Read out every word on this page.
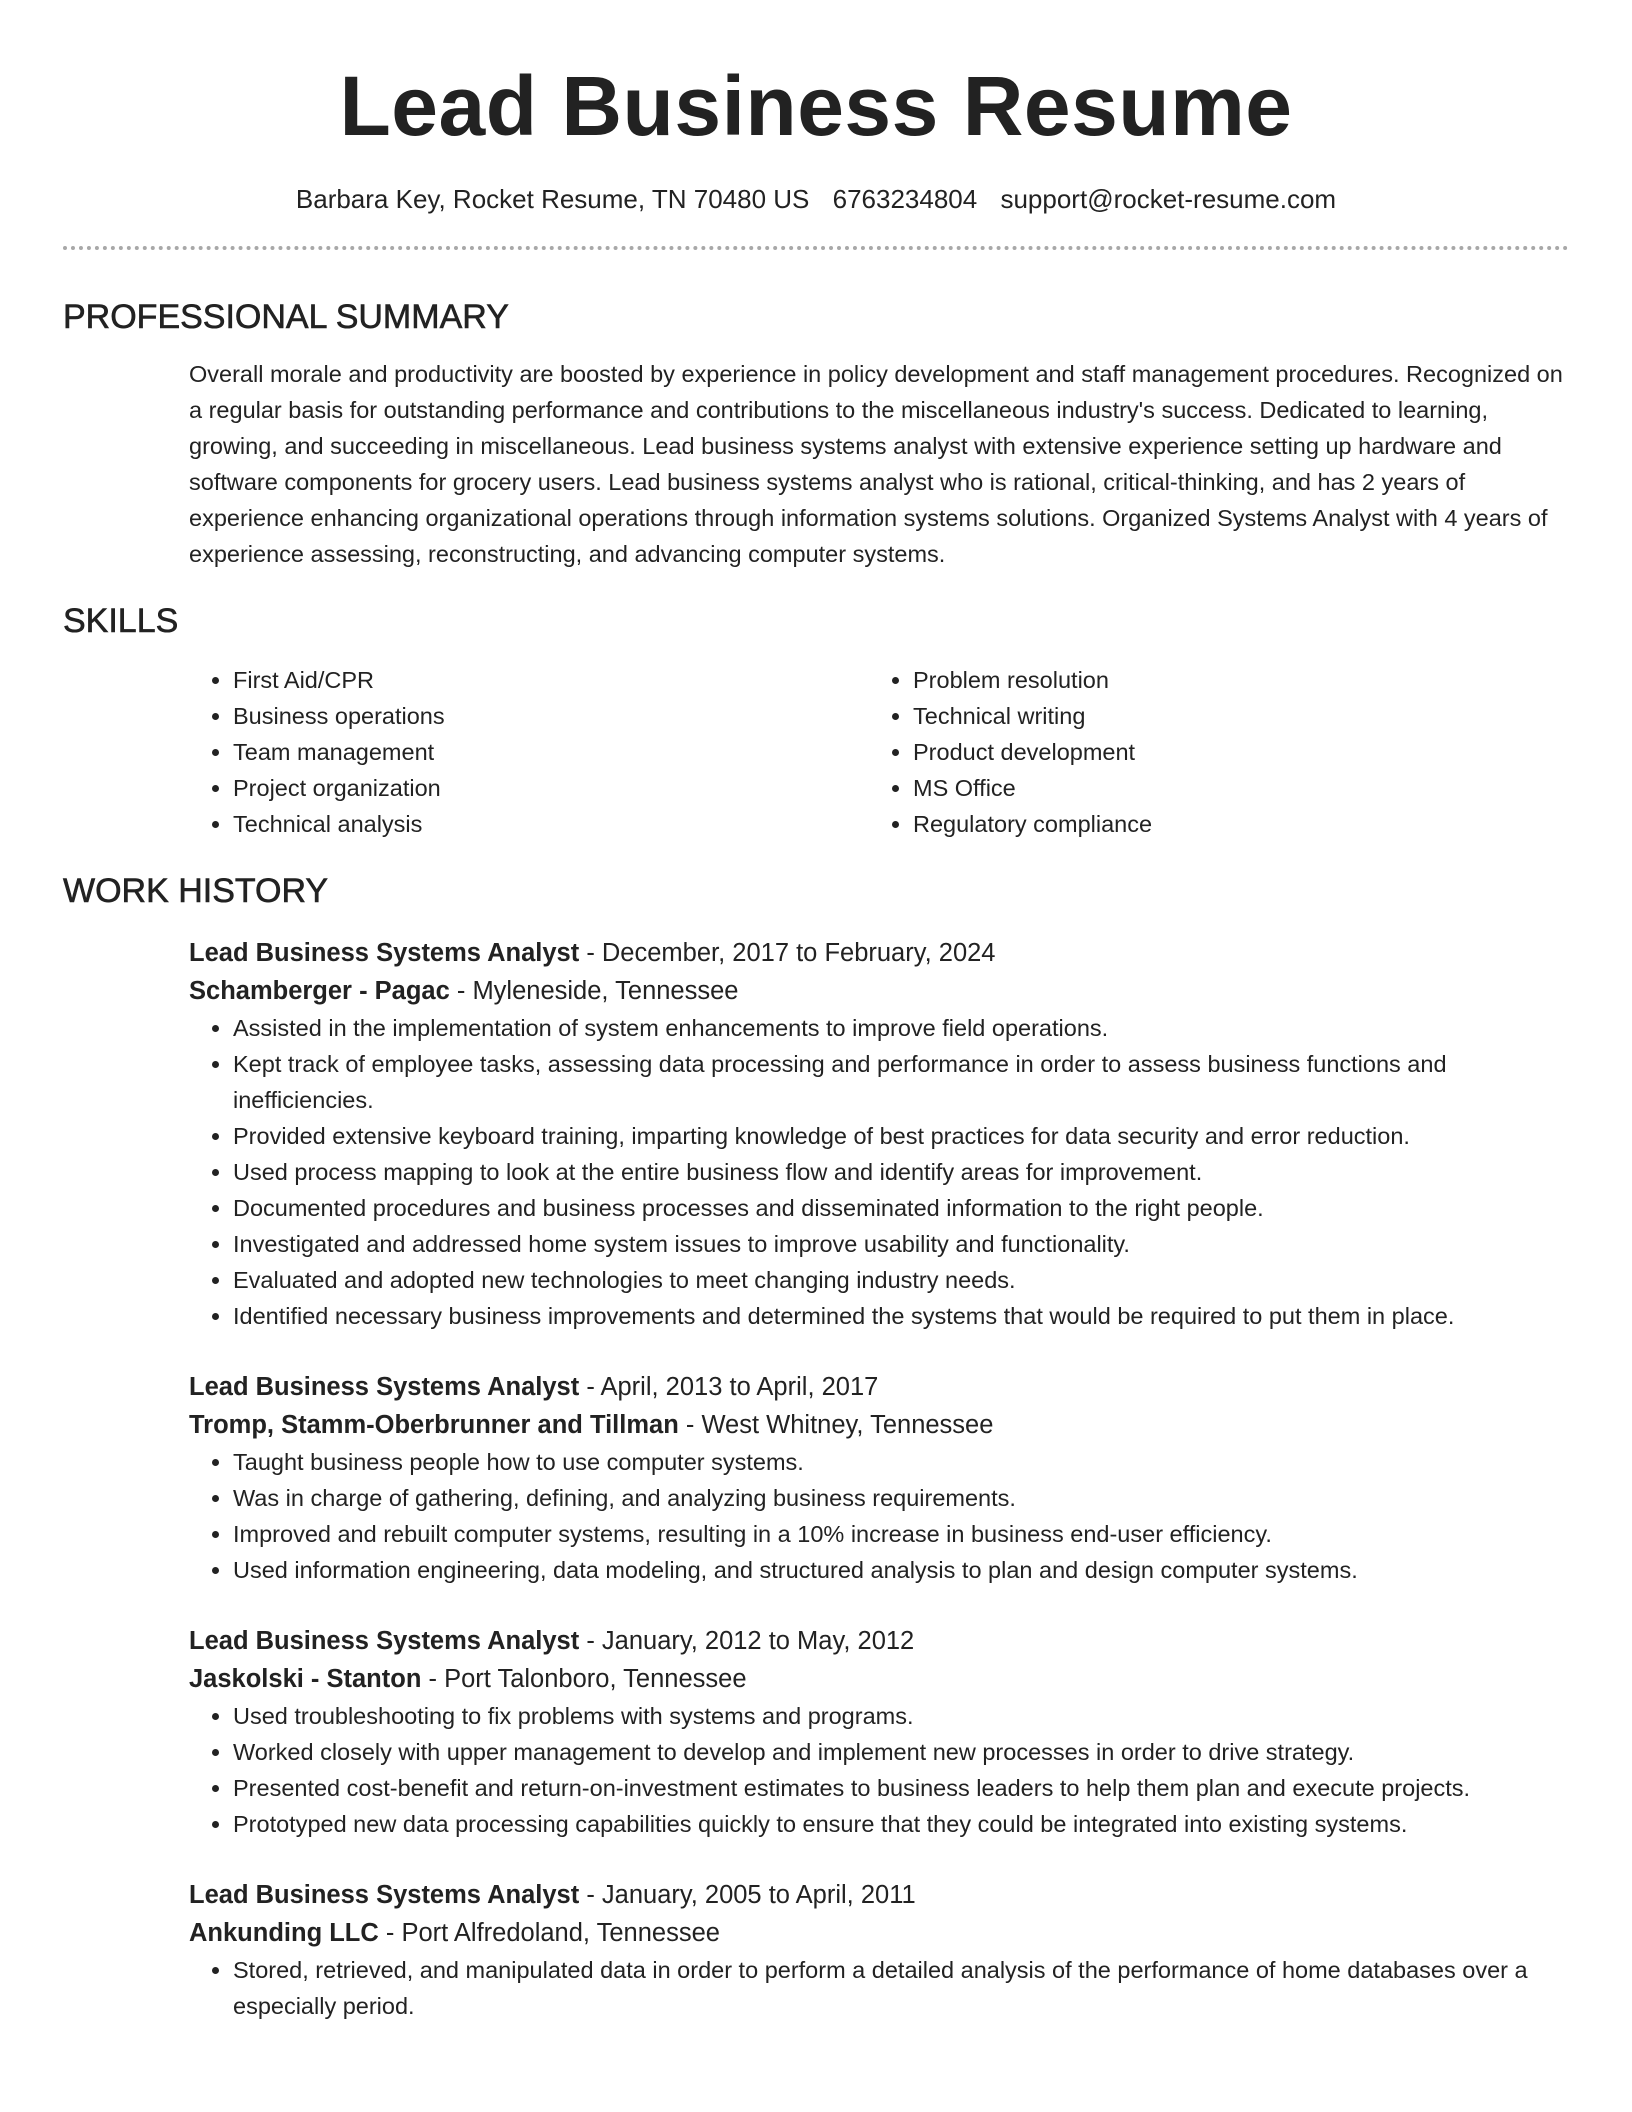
Lead Business Resume
Barbara Key, Rocket Resume, TN 70480 US 6763234804 support@rocket-resume.com
PROFESSIONAL SUMMARY
Overall morale and productivity are boosted by experience in policy development and staff management procedures. Recognized on a regular basis for outstanding performance and contributions to the miscellaneous industry's success. Dedicated to learning, growing, and succeeding in miscellaneous. Lead business systems analyst with extensive experience setting up hardware and software components for grocery users. Lead business systems analyst who is rational, critical-thinking, and has 2 years of experience enhancing organizational operations through information systems solutions. Organized Systems Analyst with 4 years of experience assessing, reconstructing, and advancing computer systems.
SKILLS
• First Aid/CPR
• Business operations
• Team management
• Project organization
• Technical analysis
• Problem resolution
• Technical writing
• Product development
• MS Office
• Regulatory compliance
WORK HISTORY
Lead Business Systems Analyst - December, 2017 to February, 2024
Schamberger - Pagac - Myleneside, Tennessee
• Assisted in the implementation of system enhancements to improve field operations.
• Kept track of employee tasks, assessing data processing and performance in order to assess business functions and inefficiencies.
• Provided extensive keyboard training, imparting knowledge of best practices for data security and error reduction.
• Used process mapping to look at the entire business flow and identify areas for improvement.
• Documented procedures and business processes and disseminated information to the right people.
• Investigated and addressed home system issues to improve usability and functionality.
• Evaluated and adopted new technologies to meet changing industry needs.
• Identified necessary business improvements and determined the systems that would be required to put them in place.
Lead Business Systems Analyst - April, 2013 to April, 2017
Tromp, Stamm-Oberbrunner and Tillman - West Whitney, Tennessee
• Taught business people how to use computer systems.
• Was in charge of gathering, defining, and analyzing business requirements.
• Improved and rebuilt computer systems, resulting in a 10% increase in business end-user efficiency.
• Used information engineering, data modeling, and structured analysis to plan and design computer systems.
Lead Business Systems Analyst - January, 2012 to May, 2012
Jaskolski - Stanton - Port Talonboro, Tennessee
• Used troubleshooting to fix problems with systems and programs.
• Worked closely with upper management to develop and implement new processes in order to drive strategy.
• Presented cost-benefit and return-on-investment estimates to business leaders to help them plan and execute projects.
• Prototyped new data processing capabilities quickly to ensure that they could be integrated into existing systems.
Lead Business Systems Analyst - January, 2005 to April, 2011
Ankunding LLC - Port Alfredoland, Tennessee
• Stored, retrieved, and manipulated data in order to perform a detailed analysis of the performance of home databases over a especially period.
